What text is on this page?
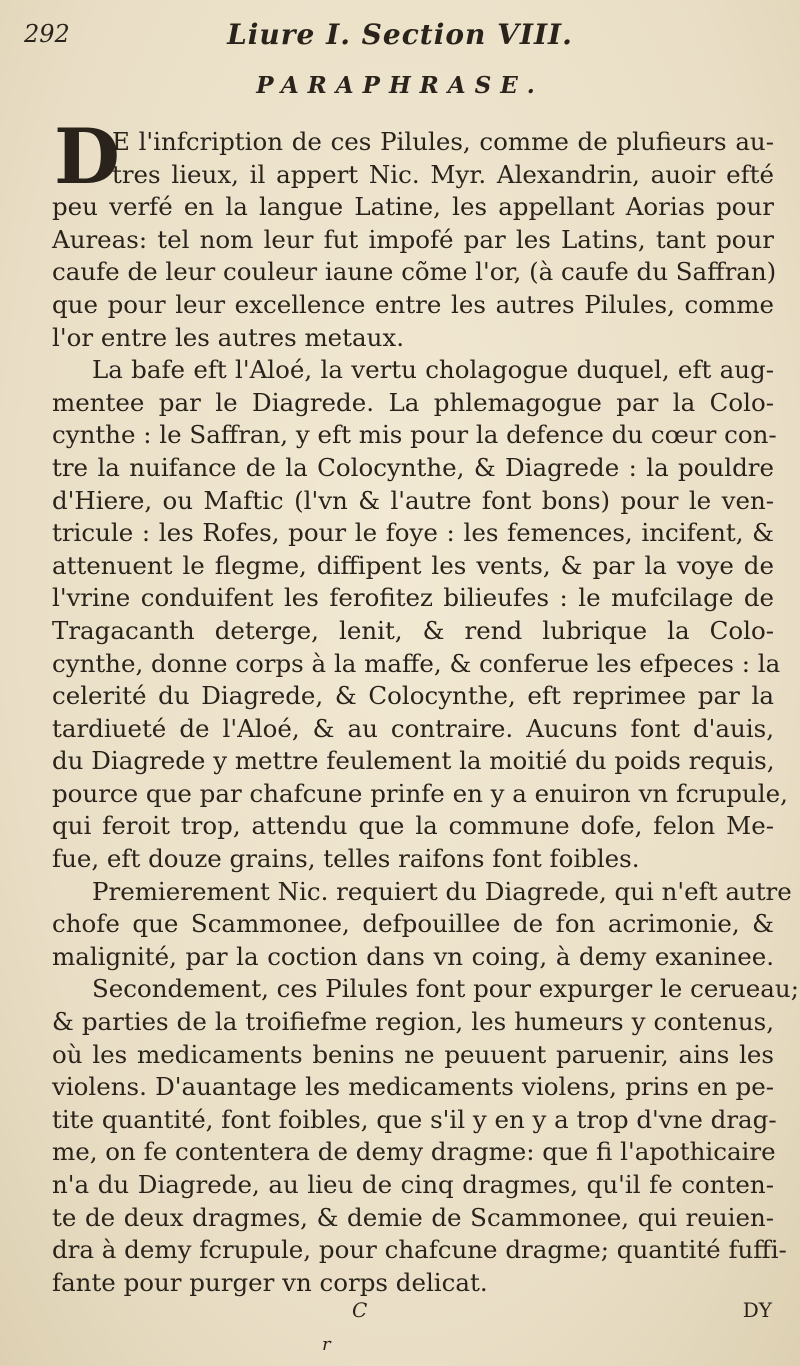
292	Liure I. Section VIII.
PARAPHRASE.
D
E l'infcription de ces Pilules, comme de plufieurs au-
tres lieux, il appert Nic. Myr. Alexandrin, auoir efté
peu verfé en la langue Latine, les appellant Aorias pour
Aureas: tel nom leur fut impofé par les Latins, tant pour
caufe de leur couleur iaune cõme l'or, (à caufe du Saffran)
que pour leur excellence entre les autres Pilules, comme
l'or entre les autres metaux.
La bafe eft l'Aloé, la vertu cholagogue duquel, eft aug-
mentee par le Diagrede. La phlemagogue par la Colo-
cynthe : le Saffran, y eft mis pour la defence du cœur con-
tre la nuifance de la Colocynthe, & Diagrede : la pouldre
d'Hiere, ou Maftic (l'vn & l'autre font bons) pour le ven-
tricule : les Rofes, pour le foye : les femences, incifent, &
attenuent le flegme, diffipent les vents, & par la voye de
l'vrine conduifent les ferofitez bilieufes : le mufcilage de
Tragacanth deterge, lenit, & rend lubrique la Colo-
cynthe, donne corps à la maffe, & conferue les efpeces : la
celerité du Diagrede, & Colocynthe, eft reprimee par la
tardiueté de l'Aloé, & au contraire. Aucuns font d'auis,
du Diagrede y mettre feulement la moitié du poids requis,
pource que par chafcune prinfe en y a enuiron vn fcrupule,
qui feroit trop, attendu que la commune dofe, felon Me-
fue, eft douze grains, telles raifons font foibles.
Premierement Nic. requiert du Diagrede, qui n'eft autre
chofe que Scammonee, defpouillee de fon acrimonie, &
malignité, par la coction dans vn coing, à demy exaninee.
Secondement, ces Pilules font pour expurger le cerueau;
& parties de la troifiefme region, les humeurs y contenus,
où les medicaments benins ne peuuent paruenir, ains les
violens. D'auantage les medicaments violens, prins en pe-
tite quantité, font foibles, que s'il y en y a trop d'vne drag-
me, on fe contentera de demy dragme: que fi l'apothicaire
n'a du Diagrede, au lieu de cinq dragmes, qu'il fe conten-
te de deux dragmes, & demie de Scammonee, qui reuien-
dra à demy fcrupule, pour chafcune dragme; quantité fuffi-
fante pour purger vn corps delicat.
C	DY
r
